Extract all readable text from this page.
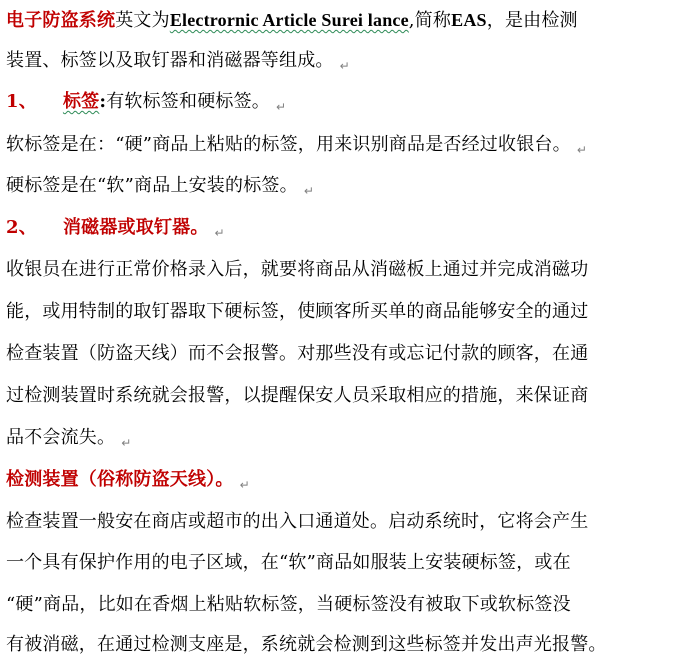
电子防盗系统英文为Electrornic Article Surei lance,简称EAS，是由检测
装置、标签以及取钉器和消磁器等组成。 $_↵$
1、 标签:有软标签和硬标签。 $_↵$
软标签是在：“硬”商品上粘贴的标签，用来识别商品是否经过收银台。 $_↵$
硬标签是在“软”商品上安装的标签。 $_↵$
2、 消磁器或取钉器。 $_↵$
收银员在进行正常价格录入后，就要将商品从消磁板上通过并完成消磁功
能，或用特制的取钉器取下硬标签，使顾客所买单的商品能够安全的通过
检查装置（防盗天线）而不会报警。对那些没有或忘记付款的顾客，在通
过检测装置时系统就会报警，以提醒保安人员采取相应的措施，来保证商
品不会流失。 $_↵$
检测装置（俗称防盗天线）。 $_↵$
检查装置一般安在商店或超市的出入口通道处。启动系统时，它将会产生
一个具有保护作用的电子区域，在“软”商品如服装上安装硬标签，或在
“硬”商品，比如在香烟上粘贴软标签，当硬标签没有被取下或软标签没
有被消磁，在通过检测支座是，系统就会检测到这些标签并发出声光报警。
